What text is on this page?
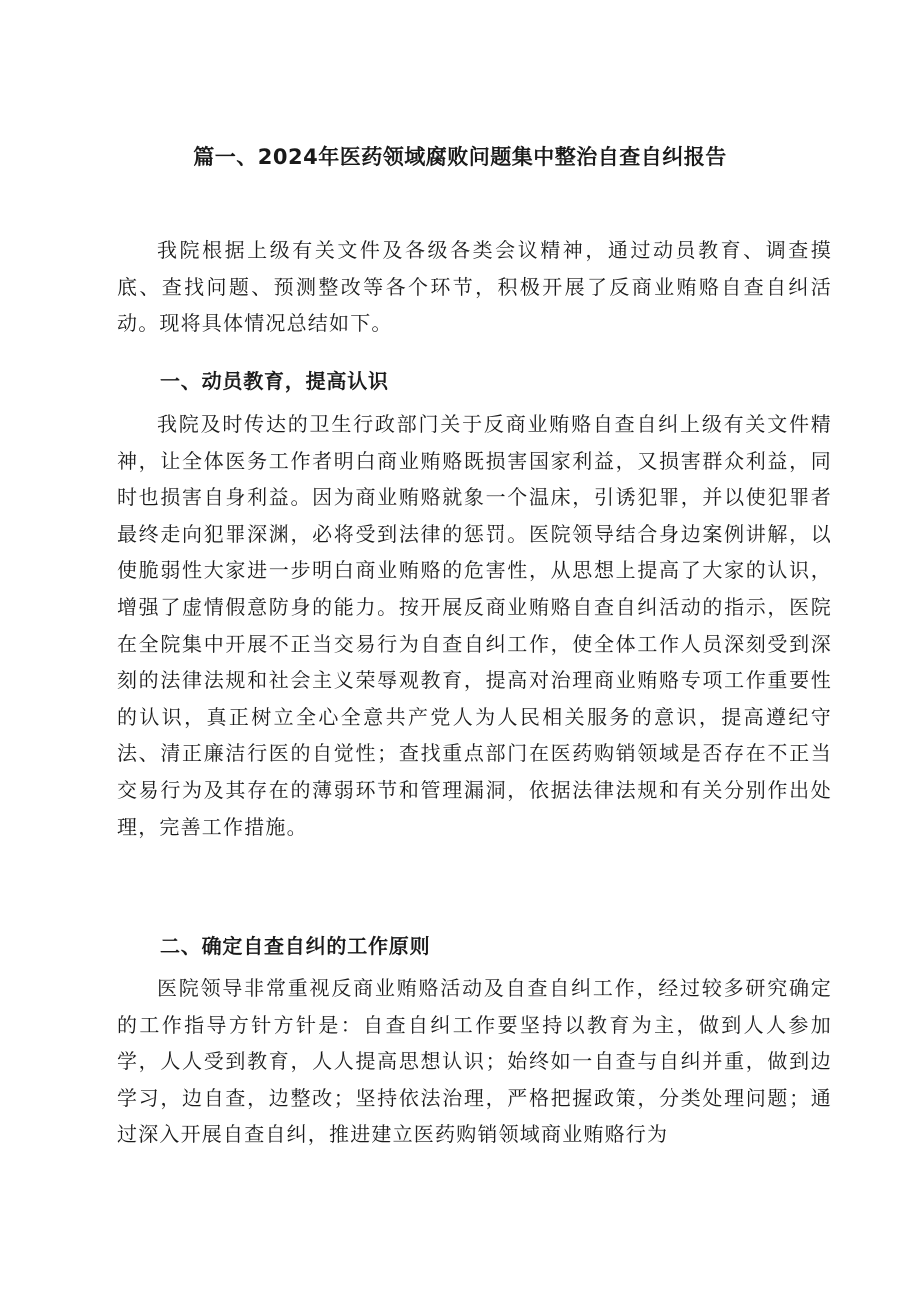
篇一、2024年医药领域腐败问题集中整治自查自纠报告

我院根据上级有关文件及各级各类会议精神，通过动员教育、调查摸底、查找问题、预测整改等各个环节，积极开展了反商业贿赂自查自纠活动。现将具体情况总结如下。

一、动员教育，提高认识

我院及时传达的卫生行政部门关于反商业贿赂自查自纠上级有关文件精神，让全体医务工作者明白商业贿赂既损害国家利益，又损害群众利益，同时也损害自身利益。因为商业贿赂就象一个温床，引诱犯罪，并以使犯罪者最终走向犯罪深渊，必将受到法律的惩罚。医院领导结合身边案例讲解，以使脆弱性大家进一步明白商业贿赂的危害性，从思想上提高了大家的认识，增强了虚情假意防身的能力。按开展反商业贿赂自查自纠活动的指示，医院在全院集中开展不正当交易行为自查自纠工作，使全体工作人员深刻受到深刻的法律法规和社会主义荣辱观教育，提高对治理商业贿赂专项工作重要性的认识，真正树立全心全意共产党人为人民相关服务的意识，提高遵纪守法、清正廉洁行医的自觉性；查找重点部门在医药购销领域是否存在不正当交易行为及其存在的薄弱环节和管理漏洞，依据法律法规和有关分别作出处理，完善工作措施。

二、确定自查自纠的工作原则

医院领导非常重视反商业贿赂活动及自查自纠工作，经过较多研究确定的工作指导方针方针是：自查自纠工作要坚持以教育为主，做到人人参加学，人人受到教育，人人提高思想认识；始终如一自查与自纠并重，做到边学习，边自查，边整改；坚持依法治理，严格把握政策，分类处理问题；通过深入开展自查自纠，推进建立医药购销领域商业贿赂行为
